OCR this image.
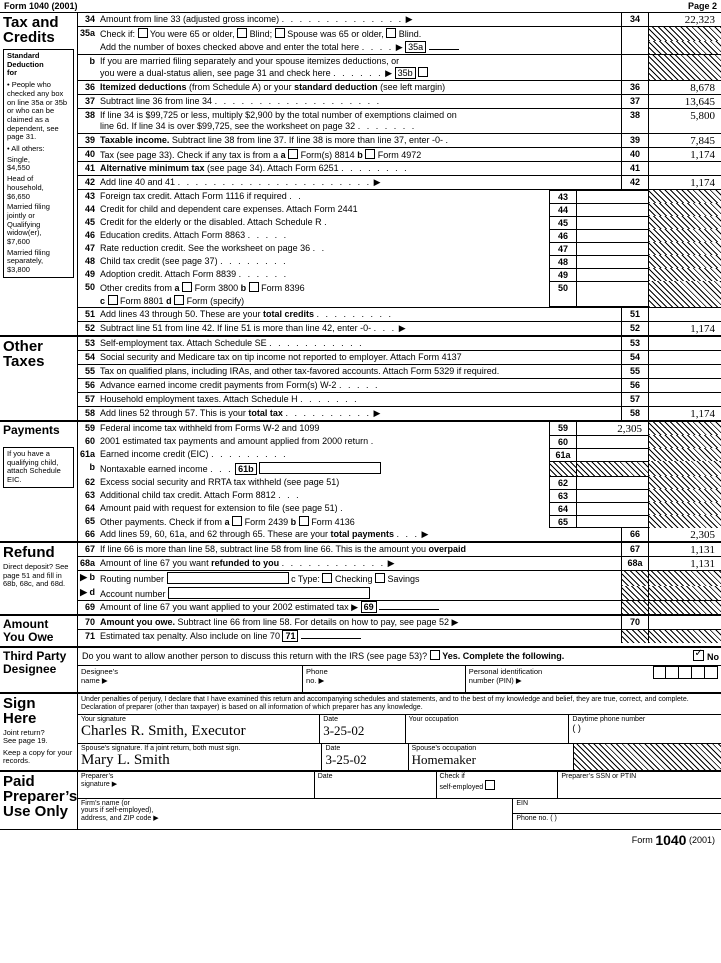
Form 1040 (2001)	Page 2
Tax and
Credits
Standard
Deduction
for
• People who checked any box on line 35a or 35b or who can be claimed as a dependent, see page 31.
• All others:
Single,
$4,550
Head of household,
$6,650
Married filing jointly or Qualifying widow(er),
$7,600
Married filing separately,
$3,800
34 Amount from line 33 (adjusted gross income) . . . . . . . . . . . . . . ▶	34	22,323
35a Check if: You were 65 or older, Blind; Spouse was 65 or older, Blind.
Add the number of boxes checked above and enter the total here . . . . ▶ 35a
b If you are married filing separately and your spouse itemizes deductions, or
you were a dual-status alien, see page 31 and check here . . . . . . ▶ 35b
36 Itemized deductions (from Schedule A) or your standard deduction (see left margin)	36	8,678
37 Subtract line 36 from line 34 . . . . . . . . . . . . . . . . . . .	37	13,645
38 If line 34 is $99,725 or less, multiply $2,900 by the total number of exemptions claimed on
line 6d. If line 34 is over $99,725, see the worksheet on page 32 . . . . . . .
38	5,800
39 Taxable income. Subtract line 38 from line 37. If line 38 is more than line 37, enter -0- .	39	7,845
40 Tax (see page 33). Check if any tax is from a a Form(s) 8814 b Form 4972	40	1,174
41 Alternative minimum tax (see page 34). Attach Form 6251 . . . . . . . .	41
42 Add line 40 and 41 . . . . . . . . . . . . . . . . . . . . . . ▶	42	1,174
43 Foreign tax credit. Attach Form 1116 if required . .	43
44 Credit for child and dependent care expenses. Attach Form 2441	44
45 Credit for the elderly or the disabled. Attach Schedule R .	45
46 Education credits. Attach Form 8863 . . . . .	46
47 Rate reduction credit. See the worksheet on page 36 . .	47
48 Child tax credit (see page 37) . . . . . . . .	48
49 Adoption credit. Attach Form 8839 . . . . . .	49
50 Other credits from a Form 3800 b Form 8396
c Form 8801 d Form (specify)
50
51 Add lines 43 through 50. These are your total credits . . . . . . . . .	51
52 Subtract line 51 from line 42. If line 51 is more than line 42, enter -0- . . . ▶	52	1,174
Other
Taxes
53 Self-employment tax. Attach Schedule SE . . . . . . . . . . .	53
54 Social security and Medicare tax on tip income not reported to employer. Attach Form 4137	54
55 Tax on qualified plans, including IRAs, and other tax-favored accounts. Attach Form 5329 if required.	55
56 Advance earned income credit payments from Form(s) W-2 . . . . .	56
57 Household employment taxes. Attach Schedule H . . . . . . .	57
58 Add lines 52 through 57. This is your total tax . . . . . . . . . . ▶	58	1,174
Payments
If you have a qualifying child, attach Schedule EIC.
59 Federal income tax withheld from Forms W-2 and 1099	59	2,305
60 2001 estimated tax payments and amount applied from 2000 return .	60
61a Earned income credit (EIC) . . . . . . . . .	61a
b Nontaxable earned income . . . 61b
62 Excess social security and RRTA tax withheld (see page 51)	62
63 Additional child tax credit. Attach Form 8812 . . .	63
64 Amount paid with request for extension to file (see page 51) .	64
65 Other payments. Check if from a Form 2439 b Form 4136	65
66 Add lines 59, 60, 61a, and 62 through 65. These are your total payments . . . ▶	66	2,305
Refund
Direct deposit? See page 51 and fill in 68b, 68c, and 68d.
67 If line 66 is more than line 58, subtract line 58 from line 66. This is the amount you overpaid	67	1,131
68a Amount of line 67 you want refunded to you . . . . . . . . . . . . ▶	68a	1,131
▶ b Routing number	c Type: Checking Savings
▶ d Account number
69 Amount of line 67 you want applied to your 2002 estimated tax ▶ 69
Amount
You Owe
70 Amount you owe. Subtract line 66 from line 58. For details on how to pay, see page 52 ▶	70
71 Estimated tax penalty. Also include on line 70 71
Third Party
Designee
Do you want to allow another person to discuss this return with the IRS (see page 53)? Yes. Complete the following. ✓	No
Designee’s
name ▶
Phone
no. ▶
Personal identification
number (PIN) ▶
Sign
Here
Joint return?
See page 19.
Keep a copy for your records.
Under penalties of perjury, I declare that I have examined this return and accompanying schedules and statements, and to the best of my knowledge and belief, they are true, correct, and complete. Declaration of preparer (other than taxpayer) is based on all information of which preparer has any knowledge.
Your signature
Charles R. Smith, Executor
Date
3-25-02
Your occupation	Daytime phone number
( )
Spouse’s signature. If a joint return, both must sign.
Mary L. Smith
Date
3-25-02
Spouse’s occupation
Homemaker
Paid
Preparer’s
Use Only
Preparer’s
signature ▶
Date	Check if
self-employed
Preparer’s SSN or PTIN
Firm’s name (or
yours if self-employed),
address, and ZIP code ▶
EIN
Phone no. ( )
Form
1040
(2001)
